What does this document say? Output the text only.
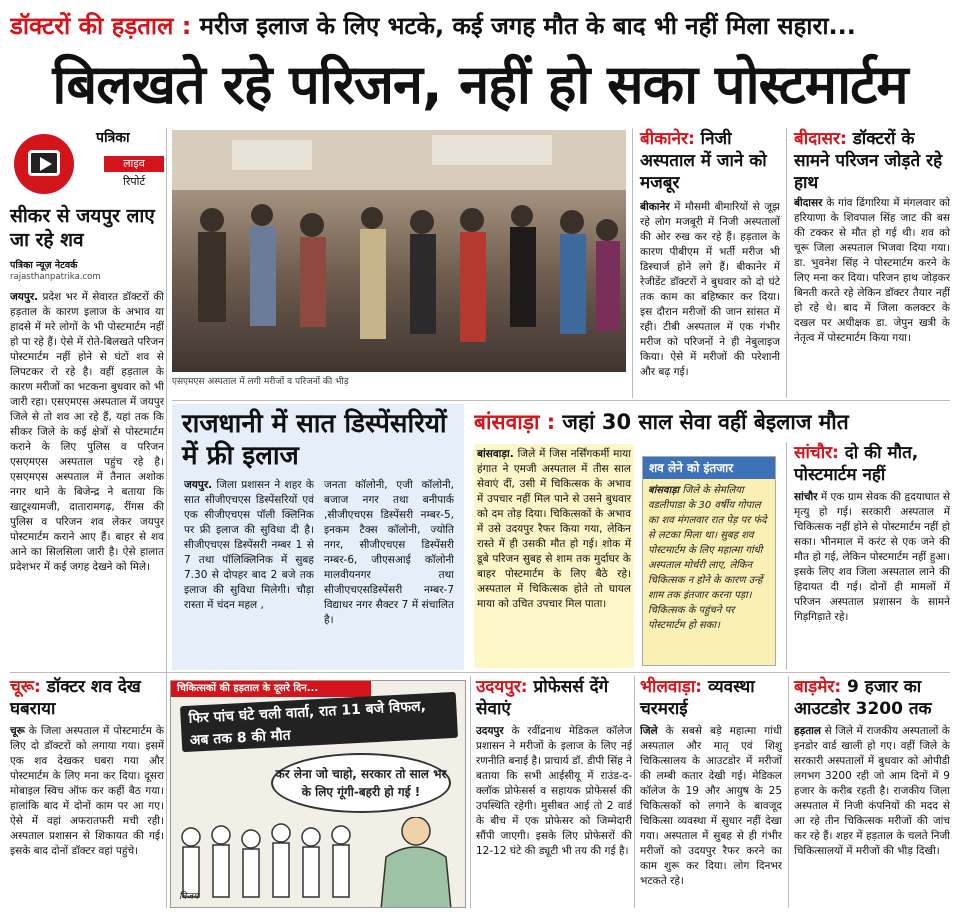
डॉक्टरों की हड़ताल : मरीज इलाज के लिए भटके, कई जगह मौत के बाद भी नहीं मिला सहारा...
बिलखते रहे परिजन, नहीं हो सका पोस्टमार्टम
पत्रिका
लाइव
रिपोर्ट
सीकर से जयपुर लाए जा रहे शव
पत्रिका न्यूज़ नेटवर्क
rajasthanpatrika.com
जयपुर. प्रदेश भर में सेवारत डॉक्टरों की हड़ताल के कारण इलाज के अभाव या हादसे में मरे लोगों के भी पोस्टमार्टम नहीं हो पा रहे हैं। ऐसे में रोते-बिलखते परिजन पोस्टमार्टम नहीं होने से घंटों शव से लिपटकर रो रहे है। वहीं हड़ताल के कारण मरीजों का भटकना बुधवार को भी जारी रहा। एसएमएस अस्पताल में जयपुर जिले से तो शव आ रहे हैं, यहां तक कि सीकर जिले के कई क्षेत्रों से पोस्टमार्टम कराने के लिए पुलिस व परिजन एसएमएस अस्पताल पहुंच रहे है। एसएमएस अस्पताल में तैनात अशोक नगर थाने के बिजेन्द्र ने बताया कि खाटूश्यामजी, दातारामगढ़, रींगस की पुलिस व परिजन शव लेकर जयपुर पोस्टमार्टम कराने आए हैं। बाहर से शव आने का सिलसिला जारी है। ऐसे हालात प्रदेशभर में कई जगह देखने को मिले।
एसएमएस अस्पताल में लगी मरीजों व परिजनों की भीड़
बीकानेर: निजी अस्पताल में जाने को मजबूर
बीकानेर में मौसमी बीमारियों से जूझ रहे लोग मजबूरी में निजी अस्पतालों की ओर रुख कर रहे हैं। हड़ताल के कारण पीबीएम में भर्ती मरीज भी डिस्चार्ज होने लगे हैं। बीकानेर में रेजीडेंट डॉक्टरों ने बुधवार को दो घंटे तक काम का बहिष्कार कर दिया। इस दौरान मरीजों की जान सांसत में रही। टीबी अस्पताल में एक गंभीर मरीज को परिजनों ने ही नेबुलाइज किया। ऐसे में मरीजों की परेशानी और बढ़ गई।
बीदासर: डॉक्टरों के सामने परिजन जोड़ते रहे हाथ
बीदासर के गांव ढिंगारिया में मंगलवार को हरियाणा के शिवपाल सिंह जाट की बस की टक्कर से मौत हो गई थी। शव को चूरू जिला अस्पताल भिजवा दिया गया। डा. भुवनेश सिंह ने पोस्टमार्टम करने के लिए मना कर दिया। परिजन हाथ जोड़कर बिनती करते रहे लेकिन डॉक्टर तैयार नहीं हो रहे थे। बाद में जिला कलक्टर के दखल पर अधीक्षक डा. जेपुन खत्री के नेतृत्व में पोस्टमार्टम किया गया।
राजधानी में सात डिस्पेंसरियों में फ्री इलाज
जयपुर. जिला प्रशासन ने शहर के सात सीजीएचएस डिस्पेंसरियों एवं एक सीजीएचएस पॉली क्लिनिक पर फ्री इलाज की सुविधा दी है। सीजीएचएस डिस्पेंसरी नम्बर 1 से 7 तथा पॉलिक्लिनिक में सुबह 7.30 से दोपहर बाद 2 बजे तक इलाज की सुविधा मिलेगी। चौड़ा रास्ता में चंदन महल ,
जनता कॉलोनी, एजी कॉलोनी, बजाज नगर तथा बनीपार्क ,सीजीएचएस डिस्पेंसरी नम्बर-5, इनकम टैक्स कॉलोनी, ज्योति नगर, सीजीएचएस डिस्पेंसरी नम्बर-6, जीएसआई कॉलोनी मालवीयनगर तथा सीजीएचएसडिस्पेंसरी नम्बर-7 विद्याधर नगर सैक्टर 7 में संचालित है।
बांसवाड़ा : जहां 30 साल सेवा वहीं बेइलाज मौत
बांसवाड़ा. जिले में जिस नर्सिंगकर्मी माया हंगात ने एमजी अस्पताल में तीस साल सेवाएं दीं, उसी में चिकित्सक के अभाव में उपचार नहीं मिल पाने से उसने बुधवार को दम तोड़ दिया। चिकित्सकों के अभाव में उसे उदयपुर रैफर किया गया, लेकिन रास्ते में ही उसकी मौत हो गई। शोक में डूबे परिजन सुबह से शाम तक मुर्दाघर के बाहर पोस्टमार्टम के लिए बैठे रहे। अस्पताल में चिकित्सक होते तो घायल माया को उचित उपचार मिल पाता।
शव लेने को इंतजार
बांसवाड़ा जिले के सेमलिया वडलीपाडा के 30 वर्षीय गोपाल का शव मंगलवार रात पेड़ पर फंदे से लटका मिला था। सुबह शव पोस्टमार्टम के लिए महात्मा गांधी अस्पताल मोर्चरी लाए, लेकिन चिकित्सक न होने के कारण उन्हें शाम तक इंतजार करना पड़ा। चिकित्सक के पहुंचने पर पोस्टमार्टम हो सका।
सांचौर: दो की मौत, पोस्टमार्टम नहीं
सांचौर में एक ग्राम सेवक की हृदयाघात से मृत्यु हो गई। सरकारी अस्पताल में चिकित्सक नहीं होने से पोस्टमार्टम नहीं हो सका। भीनमाल में करंट से एक जने की मौत हो गई, लेकिन पोस्टमार्टम नहीं हुआ। इसके लिए शव जिला अस्पताल लाने की हिदायत दी गई। दोनों ही मामलों में परिजन अस्पताल प्रशासन के सामने गिड़गिड़ाते रहे।
चूरू: डॉक्टर शव देख घबराया
चूरू के जिला अस्पताल में पोस्टमार्टम के लिए दो डॉक्टरों को लगाया गया। इसमें एक शव देखकर घबरा गया और पोस्टमार्टम के लिए मना कर दिया। दूसरा मोबाइल स्विच ऑफ कर कहीं बैठ गया। हालांकि बाद में दोनों काम पर आ गए। ऐसे में वहां अफरातफरी मची रही। अस्पताल प्रशासन से शिकायत की गई। इसके बाद दोनों डॉक्टर वहां पहुंचे।
चिकित्सकों की हड़ताल के दूसरे दिन...
फिर पांच घंटे चली वार्ता, रात 11 बजे विफल, अब तक 8 की मौत
कर लेना जो चाहो, सरकार तो साल भर के लिए गूंगी-बहरी हो गई !
विजय
उदयपुर: प्रोफेसर्स देंगे सेवाएं
उदयपुर के रवींद्रनाथ मेडिकल कॉलेज प्रशासन ने मरीजों के इलाज के लिए नई रणनीति बनाई है। प्राचार्य डॉ. डीपी सिंह ने बताया कि सभी आईसीयू में राउंड-द-क्लॉक प्रोफेसर्स व सहायक प्रोफेसर्स की उपस्थिति रहेगी। मुसीबत आई तो 2 वार्ड के बीच में एक प्रोफेसर को जिम्मेदारी सौंपी जाएगी। इसके लिए प्रोफेसरों की 12-12 घंटे की ड्यूटी भी तय की गई है।
भीलवाड़ा: व्यवस्था चरमराई
जिले के सबसे बड़े महात्मा गांधी अस्पताल और मातृ एवं शिशु चिकित्सालय के आउटडोर में मरीजों की लम्बी कतार देखी गई। मेडिकल कॉलेज के 19 और आयुष के 25 चिकित्सकों को लगाने के बावजूद चिकित्सा व्यवस्था में सुधार नहीं देखा गया। अस्पताल में सुबह से ही गंभीर मरीजों को उदयपुर रैफर करने का काम शुरू कर दिया। लोग दिनभर भटकते रहे।
बाड़मेर: 9 हजार का आउटडोर 3200 तक
हड़ताल से जिले में राजकीय अस्पतालों के इनडोर वार्ड खाली हो गए। वहीं जिले के सरकारी अस्पतालों में बुधवार को ओपीडी लगभग 3200 रही जो आम दिनों में 9 हजार के करीब रहती है। राजकीय जिला अस्पताल में निजी कंपनियों की मदद से आ रहे तीन चिकित्सक मरीजों की जांच कर रहे हैं। शहर में हड़ताल के चलते निजी चिकित्सालयों में मरीजों की भीड़ दिखी।
